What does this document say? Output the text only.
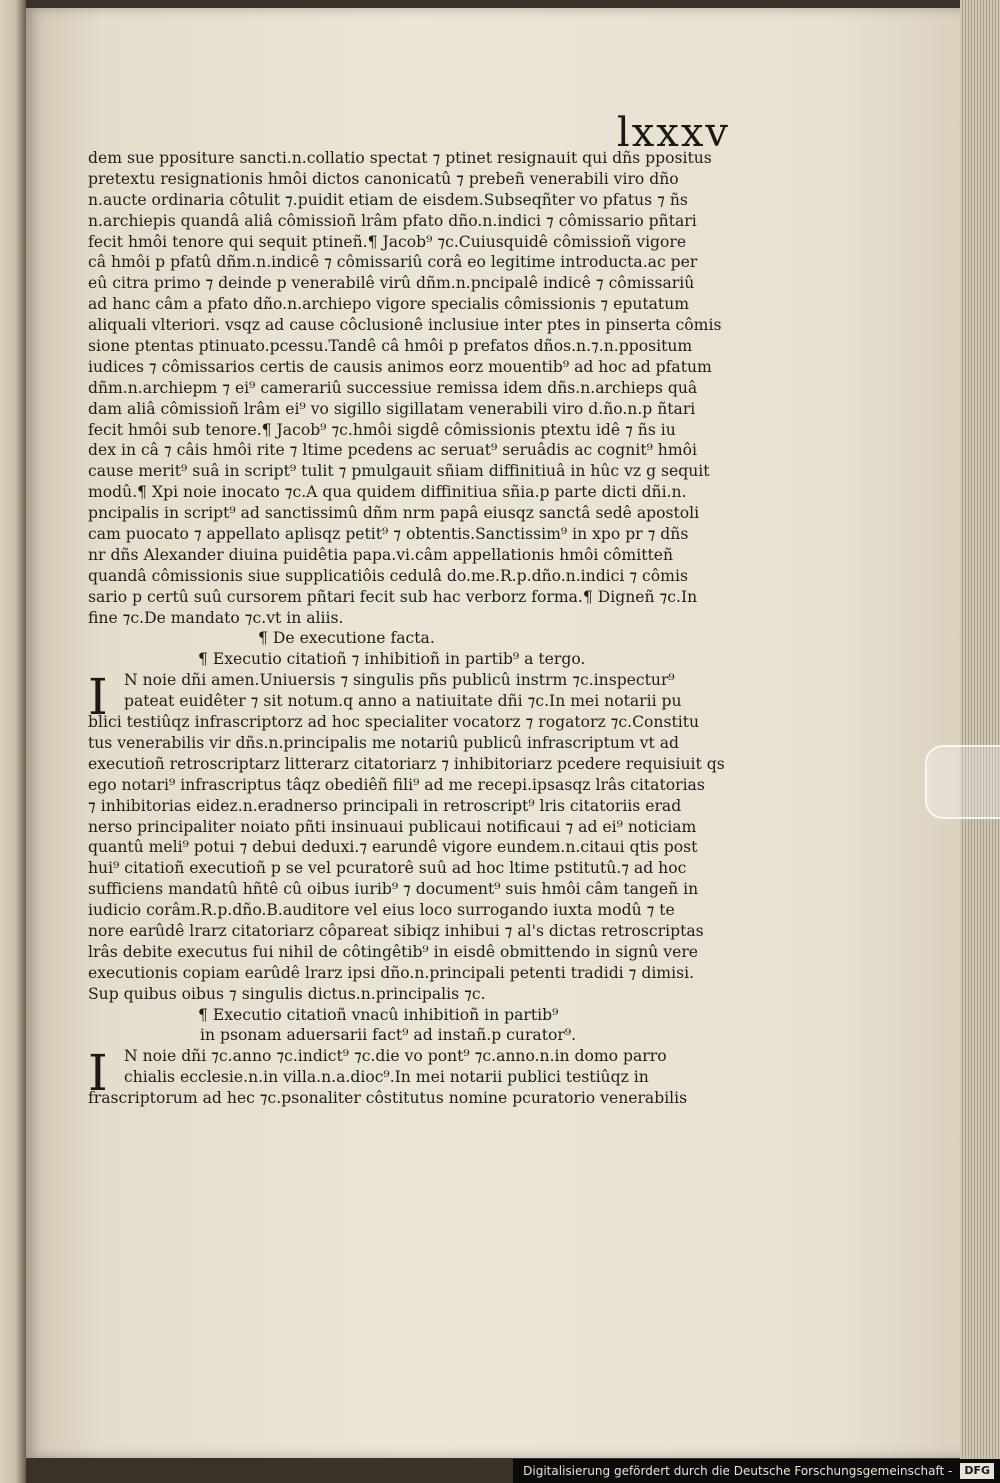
lxxxv
dem sue ppositure sancti.n.collatio spectat ⁊ ptinet resignauit qui dñs ppositus
pretextu resignationis hmôi dictos canonicatû ⁊ prebeñ venerabili viro dño
n.aucte ordinaria côtulit ⁊.puidit etiam de eisdem.Subseqñter vo pfatus ⁊ ñs
n.archiepis quandâ aliâ cômissioñ lrâm pfato dño.n.indici ⁊ cômissario pñtari
fecit hmôi tenore qui sequit ptineñ.¶ Jacob⁹ ⁊c.Cuiusquidê cômissioñ vigore
câ hmôi p pfatû dñm.n.indicê ⁊ cômissariû corâ eo legitime introducta.ac per
eû citra primo ⁊ deinde p venerabilê virû dñm.n.pncipalê indicê ⁊ cômissariû
ad hanc câm a pfato dño.n.archiepo vigore specialis cômissionis ⁊ eputatum
aliquali vlteriori. vsqz ad cause côclusionê inclusiue inter ptes in pinserta cômis
sione ptentas ptinuato.pcessu.Tandê câ hmôi p prefatos dños.n.⁊.n.ppositum
iudices ⁊ cômissarios certis de causis animos eorz mouentib⁹ ad hoc ad pfatum
dñm.n.archiepm ⁊ ei⁹ camerariû successiue remissa idem dñs.n.archieps quâ
dam aliâ cômissioñ lrâm ei⁹ vo sigillo sigillatam venerabili viro d.ño.n.p ñtari
fecit hmôi sub tenore.¶ Jacob⁹ ⁊c.hmôi sigdê cômissionis ptextu idê ⁊ ñs iu
dex in câ ⁊ câis hmôi rite ⁊ ltime pcedens ac seruat⁹ seruâdis ac cognit⁹ hmôi
cause merit⁹ suâ in script⁹ tulit ⁊ pmulgauit sñiam diffinitiuâ in hûc vz g sequit
modû.¶ Xpi noie inocato ⁊c.A qua quidem diffinitiua sñia.p parte dicti dñi.n.
pncipalis in script⁹ ad sanctissimû dñm nrm papâ eiusqz sanctâ sedê apostoli
cam puocato ⁊ appellato aplisqz petit⁹ ⁊ obtentis.Sanctissim⁹ in xpo pr ⁊ dñs
nr dñs Alexander diuina puidêtia papa.vi.câm appellationis hmôi cômitteñ
quandâ cômissionis siue supplicatiôis cedulâ do.me.R.p.dño.n.indici ⁊ cômis
sario p certû suû cursorem pñtari fecit sub hac verborz forma.¶ Digneñ ⁊c.In
fine ⁊c.De mandato ⁊c.vt in aliis.
¶ De executione facta.
¶ Executio citatioñ ⁊ inhibitioñ in partib⁹ a tergo.
I	N noie dñi amen.Uniuersis ⁊ singulis pñs publicû instrm ⁊c.inspectur⁹
pateat euidêter ⁊ sit notum.q anno a natiuitate dñi ⁊c.In mei notarii pu
blici testiûqz infrascriptorz ad hoc specialiter vocatorz ⁊ rogatorz ⁊c.Constitu
tus venerabilis vir dñs.n.principalis me notariû publicû infrascriptum vt ad
executioñ retroscriptarz litterarz citatoriarz ⁊ inhibitoriarz pcedere requisiuit qs
ego notari⁹ infrascriptus tâqz obediêñ fili⁹ ad me recepi.ipsasqz lrâs citatorias
⁊ inhibitorias eidez.n.eradnerso principali in retroscript⁹ lris citatoriis erad
nerso principaliter noiato pñti insinuaui publicaui notificaui ⁊ ad ei⁹ noticiam
quantû meli⁹ potui ⁊ debui deduxi.⁊ earundê vigore eundem.n.citaui qtis post
hui⁹ citatioñ executioñ p se vel pcuratorê suû ad hoc ltime pstitutû.⁊ ad hoc
sufficiens mandatû hñtê cû oibus iurib⁹ ⁊ document⁹ suis hmôi câm tangeñ in
iudicio corâm.R.p.dño.B.auditore vel eius loco surrogando iuxta modû ⁊ te
nore earûdê lrarz citatoriarz côpareat sibiqz inhibui ⁊ al's dictas retroscriptas
lrâs debite executus fui nihil de côtingêtib⁹ in eisdê obmittendo in signû vere
executionis copiam earûdê lrarz ipsi dño.n.principali petenti tradidi ⁊ dimisi.
Sup quibus oibus ⁊ singulis dictus.n.principalis ⁊c.
¶ Executio citatioñ vnacû inhibitioñ in partib⁹
in psonam aduersarii fact⁹ ad instañ.p curator⁹.
I	N noie dñi ⁊c.anno ⁊c.indict⁹ ⁊c.die vo pont⁹ ⁊c.anno.n.in domo parro
chialis ecclesie.n.in villa.n.a.dioc⁹.In mei notarii publici testiûqz in
frascriptorum ad hec ⁊c.psonaliter côstitutus nomine pcuratorio venerabilis
Digitalisierung gefördert durch die Deutsche Forschungsgemeinschaft -	DFG
